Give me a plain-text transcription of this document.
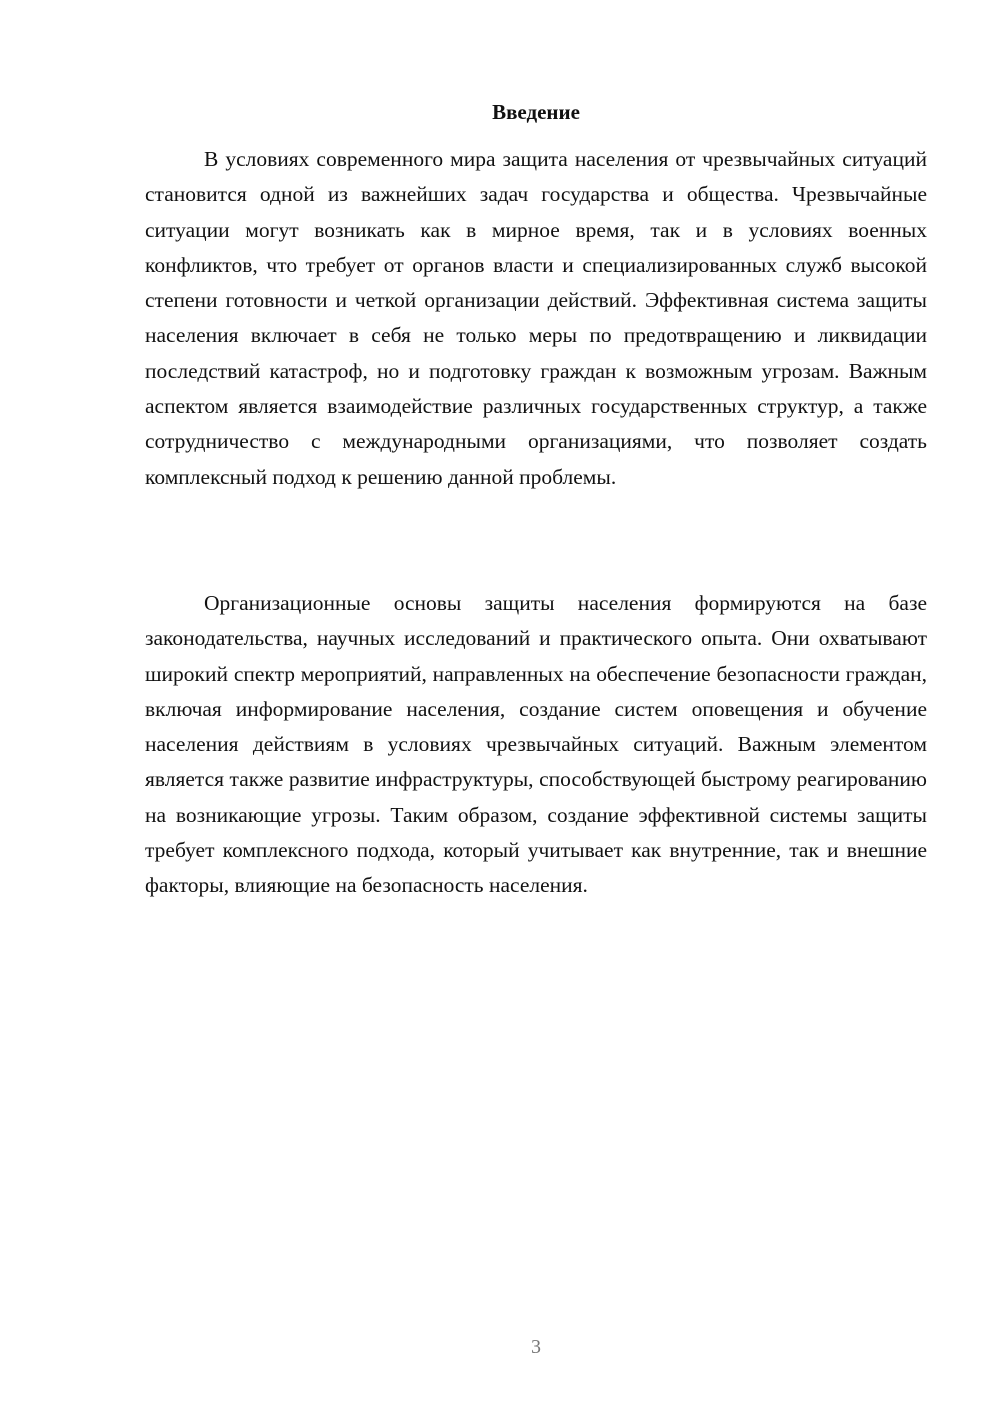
Введение

В условиях современного мира защита населения от чрезвычайных ситуаций становится одной из важнейших задач государства и общества. Чрезвычайные ситуации могут возникать как в мирное время, так и в условиях военных конфликтов, что требует от органов власти и специализированных служб высокой степени готовности и четкой организации действий. Эффективная система защиты населения включает в себя не только меры по предотвращению и ликвидации последствий катастроф, но и подготовку граждан к возможным угрозам. Важным аспектом является взаимодействие различных государственных структур, а также сотрудничество с международными организациями, что позволяет создать комплексный подход к решению данной проблемы.

Организационные основы защиты населения формируются на базе законодательства, научных исследований и практического опыта. Они охватывают широкий спектр мероприятий, направленных на обеспечение безопасности граждан, включая информирование населения, создание систем оповещения и обучение населения действиям в условиях чрезвычайных ситуаций. Важным элементом является также развитие инфраструктуры, способствующей быстрому реагированию на возникающие угрозы. Таким образом, создание эффективной системы защиты требует комплексного подхода, который учитывает как внутренние, так и внешние факторы, влияющие на безопасность населения.

3
